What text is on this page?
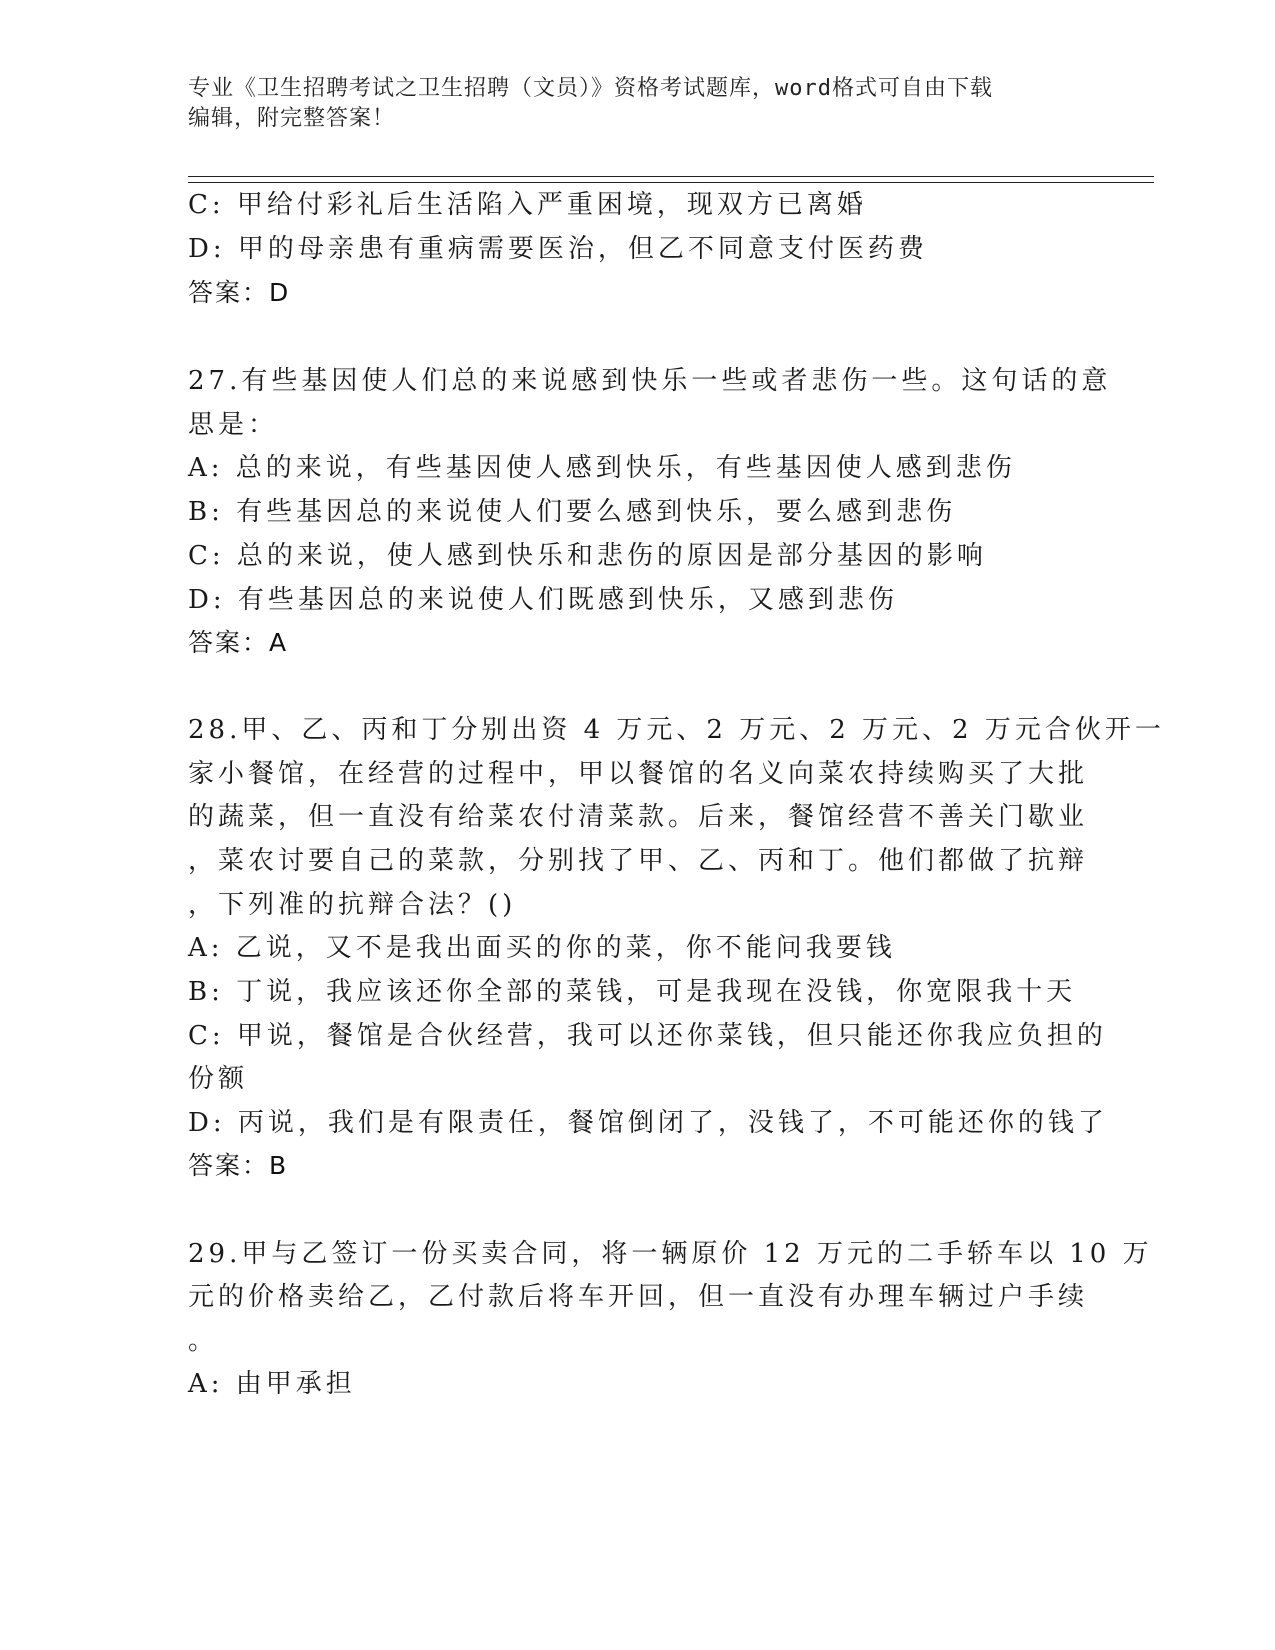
专业《卫生招聘考试之卫生招聘（文员）》资格考试题库，word格式可自由下载
编辑，附完整答案！
C: 甲给付彩礼后生活陷入严重困境，现双方已离婚
D: 甲的母亲患有重病需要医治，但乙不同意支付医药费
答案：D
27.有些基因使人们总的来说感到快乐一些或者悲伤一些。这句话的意
思是：
A: 总的来说，有些基因使人感到快乐，有些基因使人感到悲伤
B: 有些基因总的来说使人们要么感到快乐，要么感到悲伤
C: 总的来说，使人感到快乐和悲伤的原因是部分基因的影响
D: 有些基因总的来说使人们既感到快乐，又感到悲伤
答案：A
28.甲、乙、丙和丁分别出资 4 万元、2 万元、2 万元、2 万元合伙开一
家小餐馆，在经营的过程中，甲以餐馆的名义向菜农持续购买了大批
的蔬菜，但一直没有给菜农付清菜款。后来，餐馆经营不善关门歇业
，菜农讨要自己的菜款，分别找了甲、乙、丙和丁。他们都做了抗辩
，下列准的抗辩合法？()
A: 乙说，又不是我出面买的你的菜，你不能问我要钱
B: 丁说，我应该还你全部的菜钱，可是我现在没钱，你宽限我十天
C: 甲说，餐馆是合伙经营，我可以还你菜钱，但只能还你我应负担的
份额
D: 丙说，我们是有限责任，餐馆倒闭了，没钱了，不可能还你的钱了
答案：B
29.甲与乙签订一份买卖合同，将一辆原价 12 万元的二手轿车以 10 万
元的价格卖给乙，乙付款后将车开回，但一直没有办理车辆过户手续
。
A: 由甲承担
